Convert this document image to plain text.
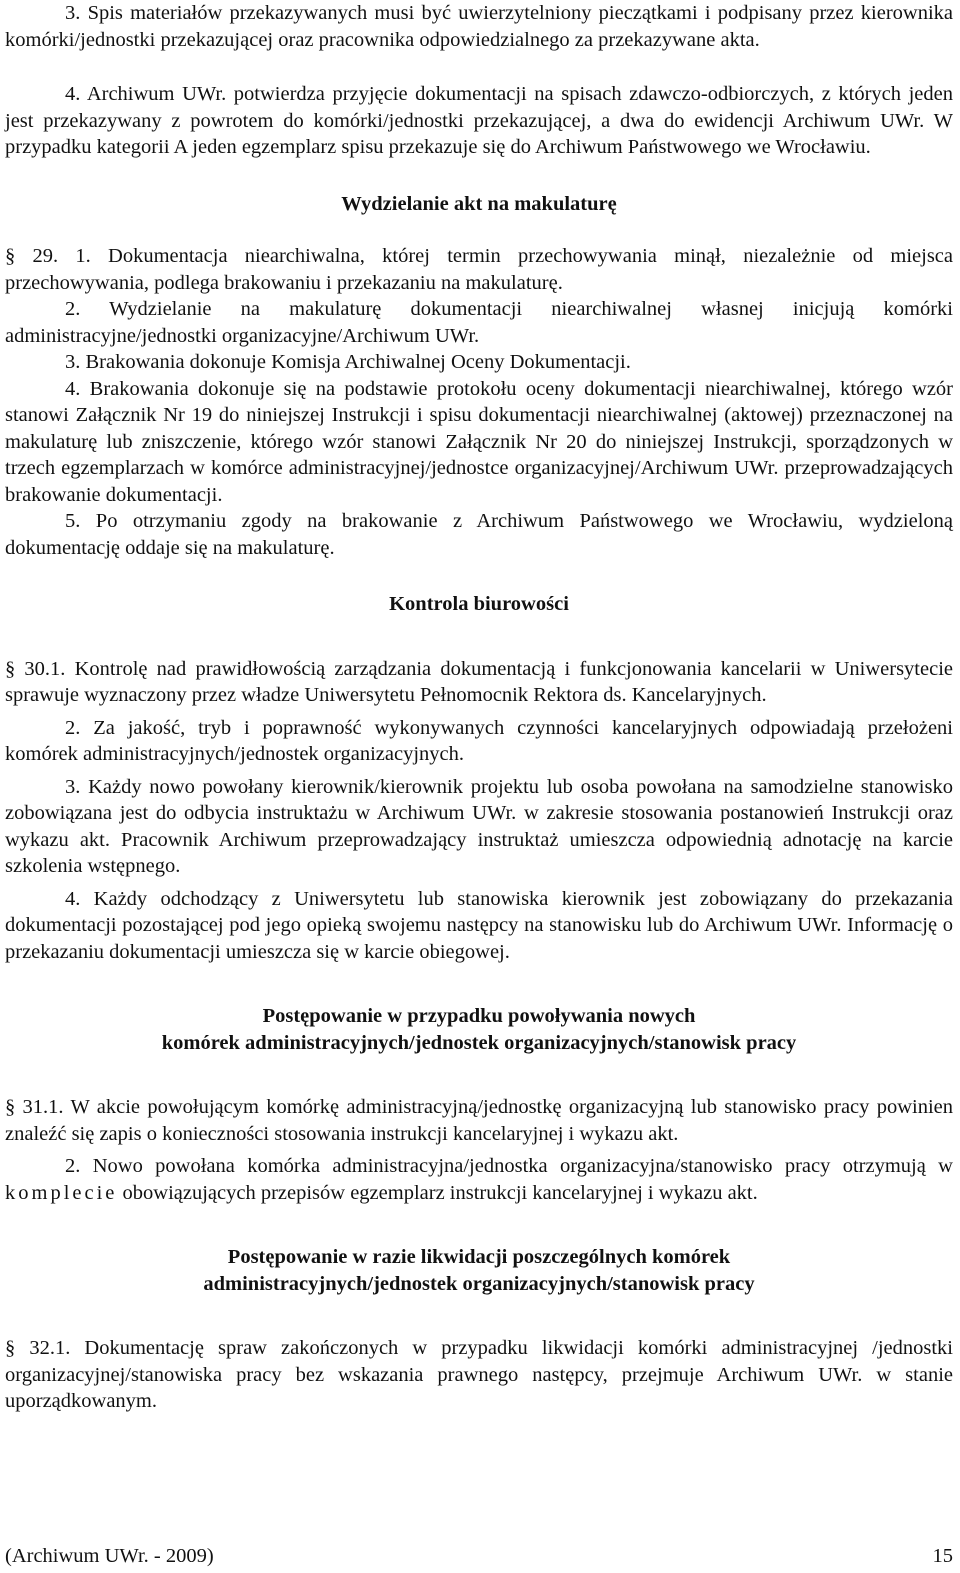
3. Spis materiałów przekazywanych musi być uwierzytelniony pieczątkami i podpisany przez kierownika komórki/jednostki przekazującej oraz pracownika odpowiedzialnego za przekazywane akta.

4. Archiwum UWr. potwierdza przyjęcie dokumentacji na spisach zdawczo-odbiorczych, z których jeden jest przekazywany z powrotem do komórki/jednostki przekazującej, a dwa do ewidencji Archiwum UWr. W przypadku kategorii A jeden egzemplarz spisu przekazuje się do Archiwum Państwowego we Wrocławiu.

Wydzielanie akt na makulaturę

§ 29. 1. Dokumentacja niearchiwalna, której termin przechowywania minął, niezależnie od miejsca przechowywania, podlega brakowaniu i przekazaniu na makulaturę.

2. Wydzielanie na makulaturę dokumentacji niearchiwalnej własnej inicjują komórki administracyjne/jednostki organizacyjne/Archiwum UWr.

3. Brakowania dokonuje Komisja Archiwalnej Oceny Dokumentacji.

4. Brakowania dokonuje się na podstawie protokołu oceny dokumentacji niearchiwalnej, którego wzór stanowi Załącznik Nr 19 do niniejszej Instrukcji i spisu dokumentacji niearchiwalnej (aktowej) przeznaczonej na makulaturę lub zniszczenie, którego wzór stanowi Załącznik Nr 20 do niniejszej Instrukcji, sporządzonych w trzech egzemplarzach w komórce administracyjnej/jednostce organizacyjnej/Archiwum UWr. przeprowadzających brakowanie dokumentacji.

5. Po otrzymaniu zgody na brakowanie z Archiwum Państwowego we Wrocławiu, wydzieloną dokumentację oddaje się na makulaturę.

Kontrola biurowości

§ 30.1. Kontrolę nad prawidłowością zarządzania dokumentacją i funkcjonowania kancelarii w Uniwersytecie sprawuje wyznaczony przez władze Uniwersytetu Pełnomocnik Rektora ds. Kancelaryjnych.

2. Za jakość, tryb i poprawność wykonywanych czynności kancelaryjnych odpowiadają przełożeni komórek administracyjnych/jednostek organizacyjnych.

3. Każdy nowo powołany kierownik/kierownik projektu lub osoba powołana na samodzielne stanowisko zobowiązana jest do odbycia instruktażu w Archiwum UWr. w zakresie stosowania postanowień Instrukcji oraz wykazu akt. Pracownik Archiwum przeprowadzający instruktaż umieszcza odpowiednią adnotację na karcie szkolenia wstępnego.

4. Każdy odchodzący z Uniwersytetu lub stanowiska kierownik jest zobowiązany do przekazania dokumentacji pozostającej pod jego opieką swojemu następcy na stanowisku lub do Archiwum UWr. Informację o przekazaniu dokumentacji umieszcza się w karcie obiegowej.

Postępowanie w przypadku powoływania nowych

komórek administracyjnych/jednostek organizacyjnych/stanowisk pracy

§ 31.1. W akcie powołującym komórkę administracyjną/jednostkę organizacyjną lub stanowisko pracy powinien znaleźć się zapis o konieczności stosowania instrukcji kancelaryjnej i wykazu akt.

2. Nowo powołana komórka administracyjna/jednostka organizacyjna/stanowisko pracy otrzymują w komplecie obowiązujących przepisów egzemplarz instrukcji kancelaryjnej i wykazu akt.

Postępowanie w razie likwidacji poszczególnych komórek

administracyjnych/jednostek organizacyjnych/stanowisk pracy

§ 32.1. Dokumentację spraw zakończonych w przypadku likwidacji komórki administracyjnej /jednostki organizacyjnej/stanowiska pracy bez wskazania prawnego następcy, przejmuje Archiwum UWr. w stanie uporządkowanym.

(Archiwum UWr. - 2009)	15
